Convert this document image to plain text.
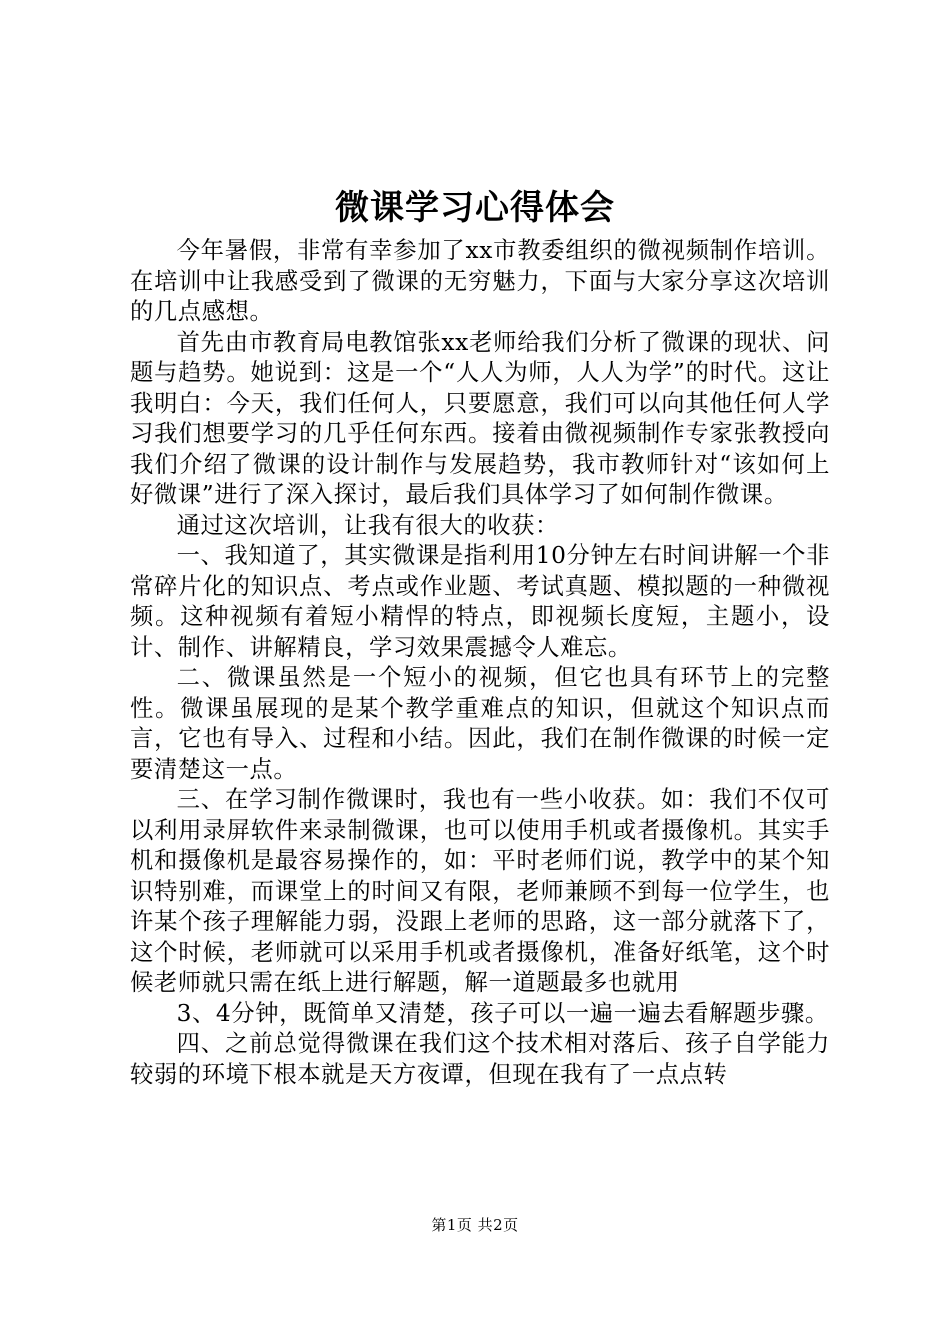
微课学习心得体会

今年暑假，非常有幸参加了xx市教委组织的微视频制作培训。在培训中让我感受到了微课的无穷魅力，下面与大家分享这次培训的几点感想。

首先由市教育局电教馆张xx老师给我们分析了微课的现状、问题与趋势。她说到：这是一个“人人为师，人人为学”的时代。这让我明白：今天，我们任何人，只要愿意，我们可以向其他任何人学习我们想要学习的几乎任何东西。接着由微视频制作专家张教授向我们介绍了微课的设计制作与发展趋势，我市教师针对“该如何上好微课”进行了深入探讨，最后我们具体学习了如何制作微课。

通过这次培训，让我有很大的收获：

一、我知道了，其实微课是指利用10分钟左右时间讲解一个非常碎片化的知识点、考点或作业题、考试真题、模拟题的一种微视频。这种视频有着短小精悍的特点，即视频长度短，主题小，设计、制作、讲解精良，学习效果震撼令人难忘。

二、微课虽然是一个短小的视频，但它也具有环节上的完整性。微课虽展现的是某个教学重难点的知识，但就这个知识点而言，它也有导入、过程和小结。因此，我们在制作微课的时候一定要清楚这一点。

三、在学习制作微课时，我也有一些小收获。如：我们不仅可以利用录屏软件来录制微课，也可以使用手机或者摄像机。其实手机和摄像机是最容易操作的，如：平时老师们说，教学中的某个知识特别难，而课堂上的时间又有限，老师兼顾不到每一位学生，也许某个孩子理解能力弱，没跟上老师的思路，这一部分就落下了，这个时候，老师就可以采用手机或者摄像机，准备好纸笔，这个时候老师就只需在纸上进行解题，解一道题最多也就用

3、4分钟，既简单又清楚，孩子可以一遍一遍去看解题步骤。

四、之前总觉得微课在我们这个技术相对落后、孩子自学能力较弱的环境下根本就是天方夜谭，但现在我有了一点点转

第1页 共2页
